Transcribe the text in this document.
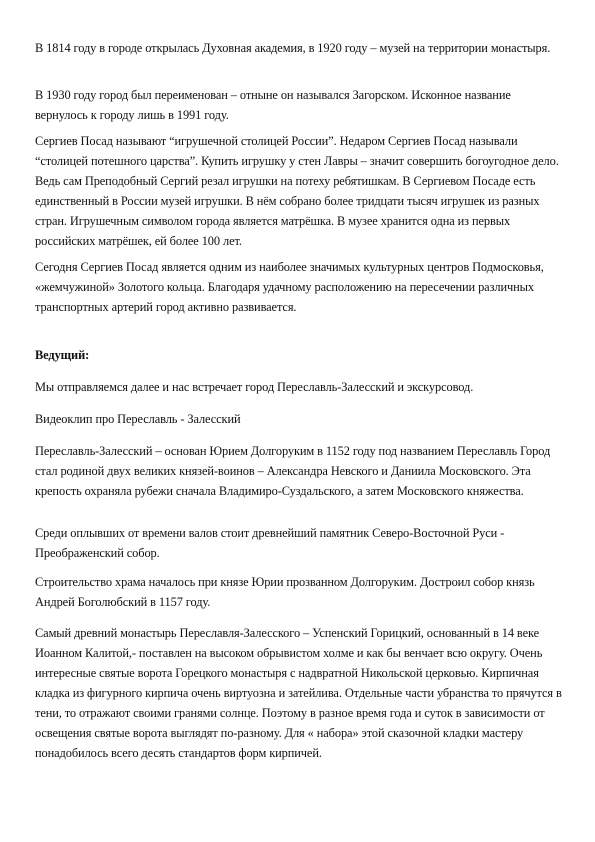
В 1814 году в городе открылась Духовная академия, в 1920 году – музей на территории монастыря.

В 1930 году город был переименован – отныне он назывался Загорском. Исконное название вернулось к городу лишь в 1991 году.

Сергиев Посад называют “игрушечной столицей России”. Недаром Сергиев Посад называли “столицей потешного царства”. Купить игрушку у стен Лавры – значит совершить богоугодное дело. Ведь сам Преподобный Сергий резал игрушки на потеху ребятишкам. В Сергиевом Посаде есть единственный в России музей игрушки. В нём собрано более тридцати тысяч игрушек из разных стран. Игрушечным символом города является матрёшка. В музее хранится одна из первых российских матрёшек, ей более 100 лет.

Сегодня Сергиев Посад является одним из наиболее значимых культурных центров Подмосковья, «жемчужиной» Золотого кольца. Благодаря удачному расположению на пересечении различных транспортных артерий город активно развивается.

Ведущий:

Мы отправляемся далее и нас встречает город Переславль-Залесский и экскурсовод.

Видеоклип про Переславль - Залесский

Переславль-Залесский – основан Юрием Долгоруким в 1152 году под названием Переславль Город стал родиной двух великих князей-воинов – Александра Невского и Даниила Московского. Эта крепость охраняла рубежи сначала Владимиро-Суздальского, а затем Московского княжества.

Среди оплывших от времени валов стоит древнейший памятник Северо-Восточной Руси - Преображенский собор.

Строительство храма началось при князе Юрии прозванном Долгоруким. Достроил собор князь Андрей Боголюбский в 1157 году.

Самый древний монастырь Переславля-Залесского – Успенский Горицкий, основанный в 14 веке Иоанном Калитой,- поставлен на высоком обрывистом холме и как бы венчает всю округу. Очень интересные святые ворота Горецкого монастыря с надвратной Никольской церковью. Кирпичная кладка из фигурного кирпича очень виртуозна и затейлива. Отдельные части убранства то прячутся в тени, то отражают своими гранями солнце. Поэтому в разное время года и суток в зависимости от освещения святые ворота выглядят по-разному. Для « набора» этой сказочной кладки мастеру понадобилось всего десять стандартов форм кирпичей.
